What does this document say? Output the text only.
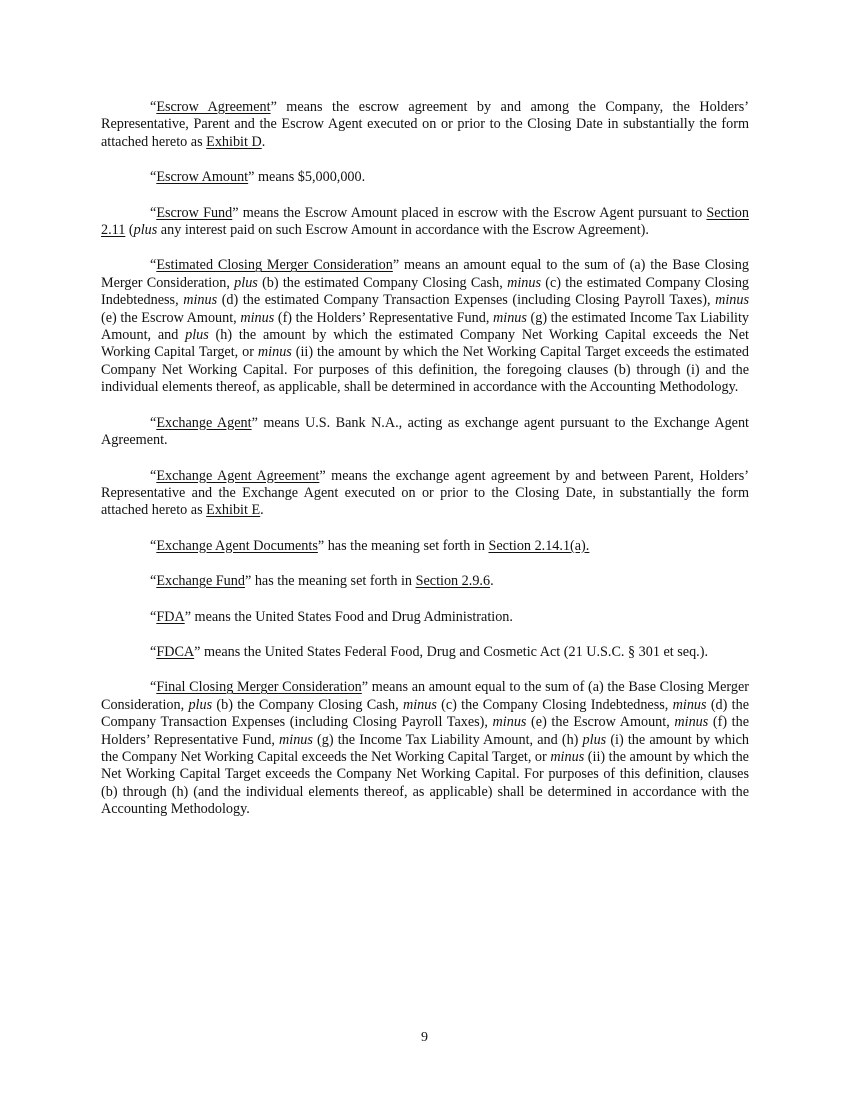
“Escrow Agreement” means the escrow agreement by and among the Company, the Holders’ Representative, Parent and the Escrow Agent executed on or prior to the Closing Date in substantially the form attached hereto as Exhibit D.

“Escrow Amount” means $5,000,000.

“Escrow Fund” means the Escrow Amount placed in escrow with the Escrow Agent pursuant to Section 2.11 (plus any interest paid on such Escrow Amount in accordance with the Escrow Agreement).

“Estimated Closing Merger Consideration” means an amount equal to the sum of (a) the Base Closing Merger Consideration, plus (b) the estimated Company Closing Cash, minus (c) the estimated Company Closing Indebtedness, minus (d) the estimated Company Transaction Expenses (including Closing Payroll Taxes), minus (e) the Escrow Amount, minus (f) the Holders’ Representative Fund, minus (g) the estimated Income Tax Liability Amount, and plus (h) the amount by which the estimated Company Net Working Capital exceeds the Net Working Capital Target, or minus (ii) the amount by which the Net Working Capital Target exceeds the estimated Company Net Working Capital. For purposes of this definition, the foregoing clauses (b) through (i) and the individual elements thereof, as applicable, shall be determined in accordance with the Accounting Methodology.

“Exchange Agent” means U.S. Bank N.A., acting as exchange agent pursuant to the Exchange Agent Agreement.

“Exchange Agent Agreement” means the exchange agent agreement by and between Parent, Holders’ Representative and the Exchange Agent executed on or prior to the Closing Date, in substantially the form attached hereto as Exhibit E.

“Exchange Agent Documents” has the meaning set forth in Section 2.14.1(a).

“Exchange Fund” has the meaning set forth in Section 2.9.6.

“FDA” means the United States Food and Drug Administration.

“FDCA” means the United States Federal Food, Drug and Cosmetic Act (21 U.S.C. § 301 et seq.).

“Final Closing Merger Consideration” means an amount equal to the sum of (a) the Base Closing Merger Consideration, plus (b) the Company Closing Cash, minus (c) the Company Closing Indebtedness, minus (d) the Company Transaction Expenses (including Closing Payroll Taxes), minus (e) the Escrow Amount, minus (f) the Holders’ Representative Fund, minus (g) the Income Tax Liability Amount, and (h) plus (i) the amount by which the Company Net Working Capital exceeds the Net Working Capital Target, or minus (ii) the amount by which the Net Working Capital Target exceeds the Company Net Working Capital. For purposes of this definition, clauses (b) through (h) (and the individual elements thereof, as applicable) shall be determined in accordance with the Accounting Methodology.

9
